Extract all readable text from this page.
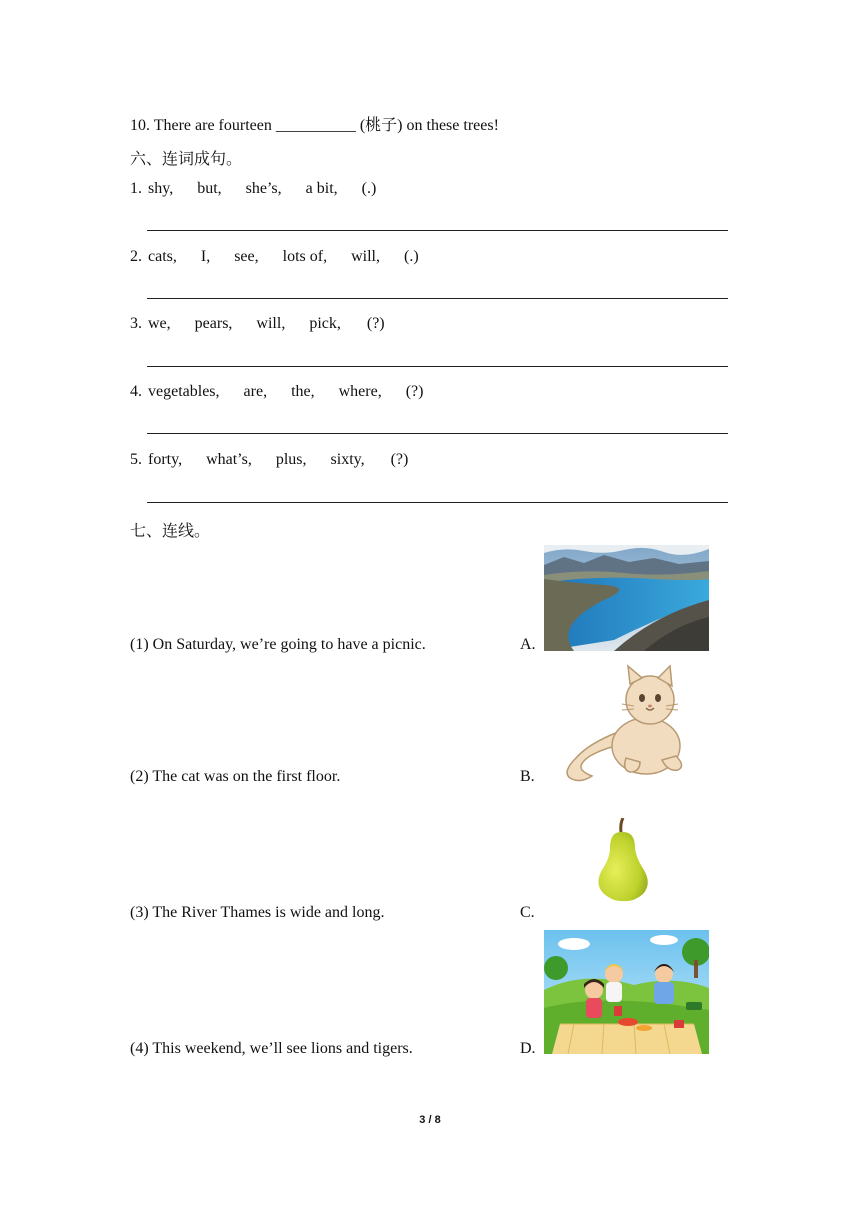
10. There are fourteen __________ (桃子) on these trees!
六、连词成句。
1. shy, but, she’s, a bit, (.)
2. cats, I, see, lots of, will, (.)
3. we, pears, will, pick, (?)
4. vegetables, are, the, where, (?)
5. forty, what’s, plus, sixty, (?)
七、连线。
(1) On Saturday, we’re going to have a picnic.
(2) The cat was on the first floor.
(3) The River Thames is wide and long.
(4) This weekend, we’ll see lions and tigers.
A.
B.
C.
D.
3 / 8
